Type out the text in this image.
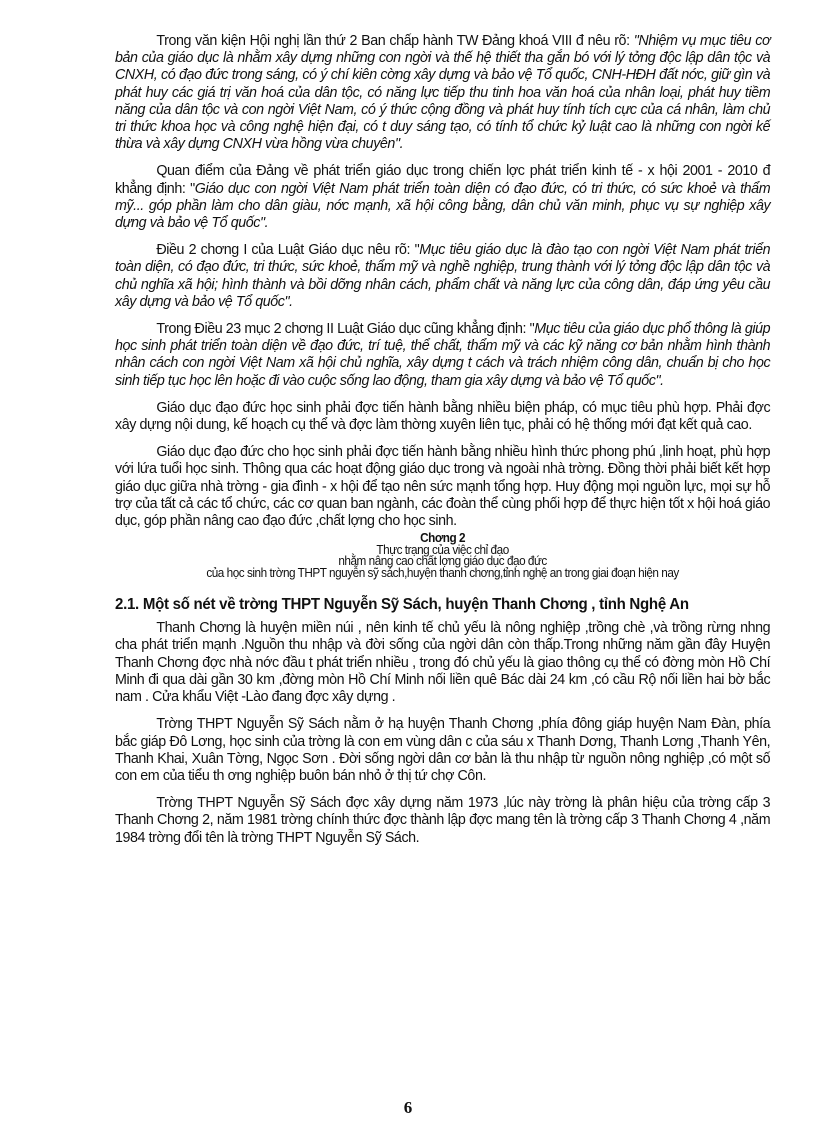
Trong văn kiện Hội nghị lần thứ 2 Ban chấp hành TW Đảng khoá VIII đ nêu rõ: "Nhiệm vụ mục tiêu cơ bản của giáo dục là nhằm xây dựng những con ngời và thế hệ thiết tha gắn bó với lý tởng độc lập dân tộc và CNXH, có đạo đức trong sáng, có ý chí kiên cờng xây dựng và bảo vệ Tổ quốc, CNH-HĐH đất nớc, giữ gìn và phát huy các giá trị văn hoá của dân tộc, có năng lực tiếp thu tinh hoa văn hoá của nhân loại, phát huy tiềm năng của dân tộc và con ngời Việt Nam, có ý thức cộng đồng và phát huy tính tích cực của cá nhân, làm chủ tri thức khoa học và công nghệ hiện đại, có t duy sáng tạo, có tính tổ chức kỷ luật cao là những con ngời kế thừa và xây dựng CNXH vừa hồng vừa chuyên".

Quan điểm của Đảng về phát triển giáo dục trong chiến lợc phát triển kinh tế - x hội 2001 - 2010 đ khẳng định: "Giáo dục con ngời Việt Nam phát triển toàn diện có đạo đức, có tri thức, có sức khoẻ và thẩm mỹ... góp phần làm cho dân giàu, nớc mạnh, xã hội công bằng, dân chủ văn minh, phục vụ sự nghiệp xây dựng và bảo vệ Tổ quốc".

Điều 2 chơng I của Luật Giáo dục nêu rõ: "Mục tiêu giáo dục là đào tạo con ngời Việt Nam phát triển toàn diện, có đạo đức, tri thức, sức khoẻ, thẩm mỹ và nghề nghiệp, trung thành với lý tởng độc lập dân tộc và chủ nghĩa xã hội; hình thành và bồi dỡng nhân cách, phẩm chất và năng lực của công dân, đáp ứng yêu cầu xây dựng và bảo vệ Tổ quốc".

Trong Điều 23 mục 2 chơng II Luật Giáo dục cũng khẳng định: "Mục tiêu của giáo dục phổ thông là giúp học sinh phát triển toàn diện về đạo đức, trí tuệ, thể chất, thẩm mỹ và các kỹ năng cơ bản nhằm hình thành nhân cách con ngời Việt Nam xã hội chủ nghĩa, xây dựng t cách và trách nhiệm công dân, chuẩn bị cho học sinh tiếp tục học lên hoặc đi vào cuộc sống lao động, tham gia xây dựng và bảo vệ Tổ quốc".

Giáo dục đạo đức học sinh phải đợc tiến hành bằng nhiều biện pháp, có mục tiêu phù hợp. Phải đợc xây dựng nội dung, kế hoạch cụ thể và đợc làm thờng xuyên liên tục, phải có hệ thống mới đạt kết quả cao.

Giáo dục đạo đức cho học sinh phải đợc tiến hành bằng nhiều hình thức phong phú ,linh hoạt, phù hợp với lứa tuổi học sinh. Thông qua các hoạt động giáo dục trong và ngoài nhà trờng. Đồng thời phải biết kết hợp giáo dục giữa nhà trờng - gia đình - x hội để tạo nên sức mạnh tổng hợp. Huy động mọi nguồn lực, mọi sự hỗ trợ của tất cả các tổ chức, các cơ quan ban ngành, các đoàn thể cùng phối hợp để thực hiện tốt x hội hoá giáo dục, góp phần nâng cao đạo đức ,chất lợng cho học sinh.

Chơng 2
Thực trạng của việc chỉ đạo
nhằm nâng cao chất lợng giáo dục đạo đức
của học sinh trờng THPT nguyễn sỹ sách,huyện thanh chơng,tỉnh nghệ an trong giai đoạn hiện nay
2.1. Một số nét về trờng THPT Nguyễn Sỹ Sách, huyện Thanh Chơng , tỉnh Nghệ An

Thanh Chơng là huyện miền núi , nên kinh tế chủ yếu là nông nghiệp ,trồng chè ,và trồng rừng nhng cha phát triển mạnh .Nguồn thu nhập và đời sống của ngời dân còn thấp.Trong những năm gần đây Huyện Thanh Chơng đợc nhà nớc đầu t phát triển nhiều , trong đó chủ yếu là giao thông cụ thể có đờng mòn Hồ Chí Minh đi qua dài gần 30 km ,đờng mòn Hồ Chí Minh nối liền quê Bác dài 24 km ,có cầu Rộ nối liền hai bờ bắc nam . Cửa khẩu Việt -Lào đang đợc xây dựng .

Trờng THPT Nguyễn Sỹ Sách nằm ở hạ huyện Thanh Chơng ,phía đông giáp huyện Nam Đàn, phía bắc giáp Đô Lơng, học sinh của trờng là con em vùng dân c của sáu x Thanh Dơng, Thanh Lơng ,Thanh Yên, Thanh Khai, Xuân Tờng, Ngọc Sơn . Đời sống ngời dân cơ bản là thu nhập từ nguồn nông nghiệp ,có một số con em của tiểu th ơng nghiệp buôn bán nhỏ ở thị tứ chợ Côn.

Trờng THPT Nguyễn Sỹ Sách đợc xây dựng năm 1973 ,lúc này trờng là phân hiệu của trờng cấp 3 Thanh Chơng 2, năm 1981 trờng chính thức đợc thành lập đợc mang tên là trờng cấp 3 Thanh Chơng 4 ,năm 1984 trờng đổi tên là trờng THPT Nguyễn Sỹ Sách.

6
